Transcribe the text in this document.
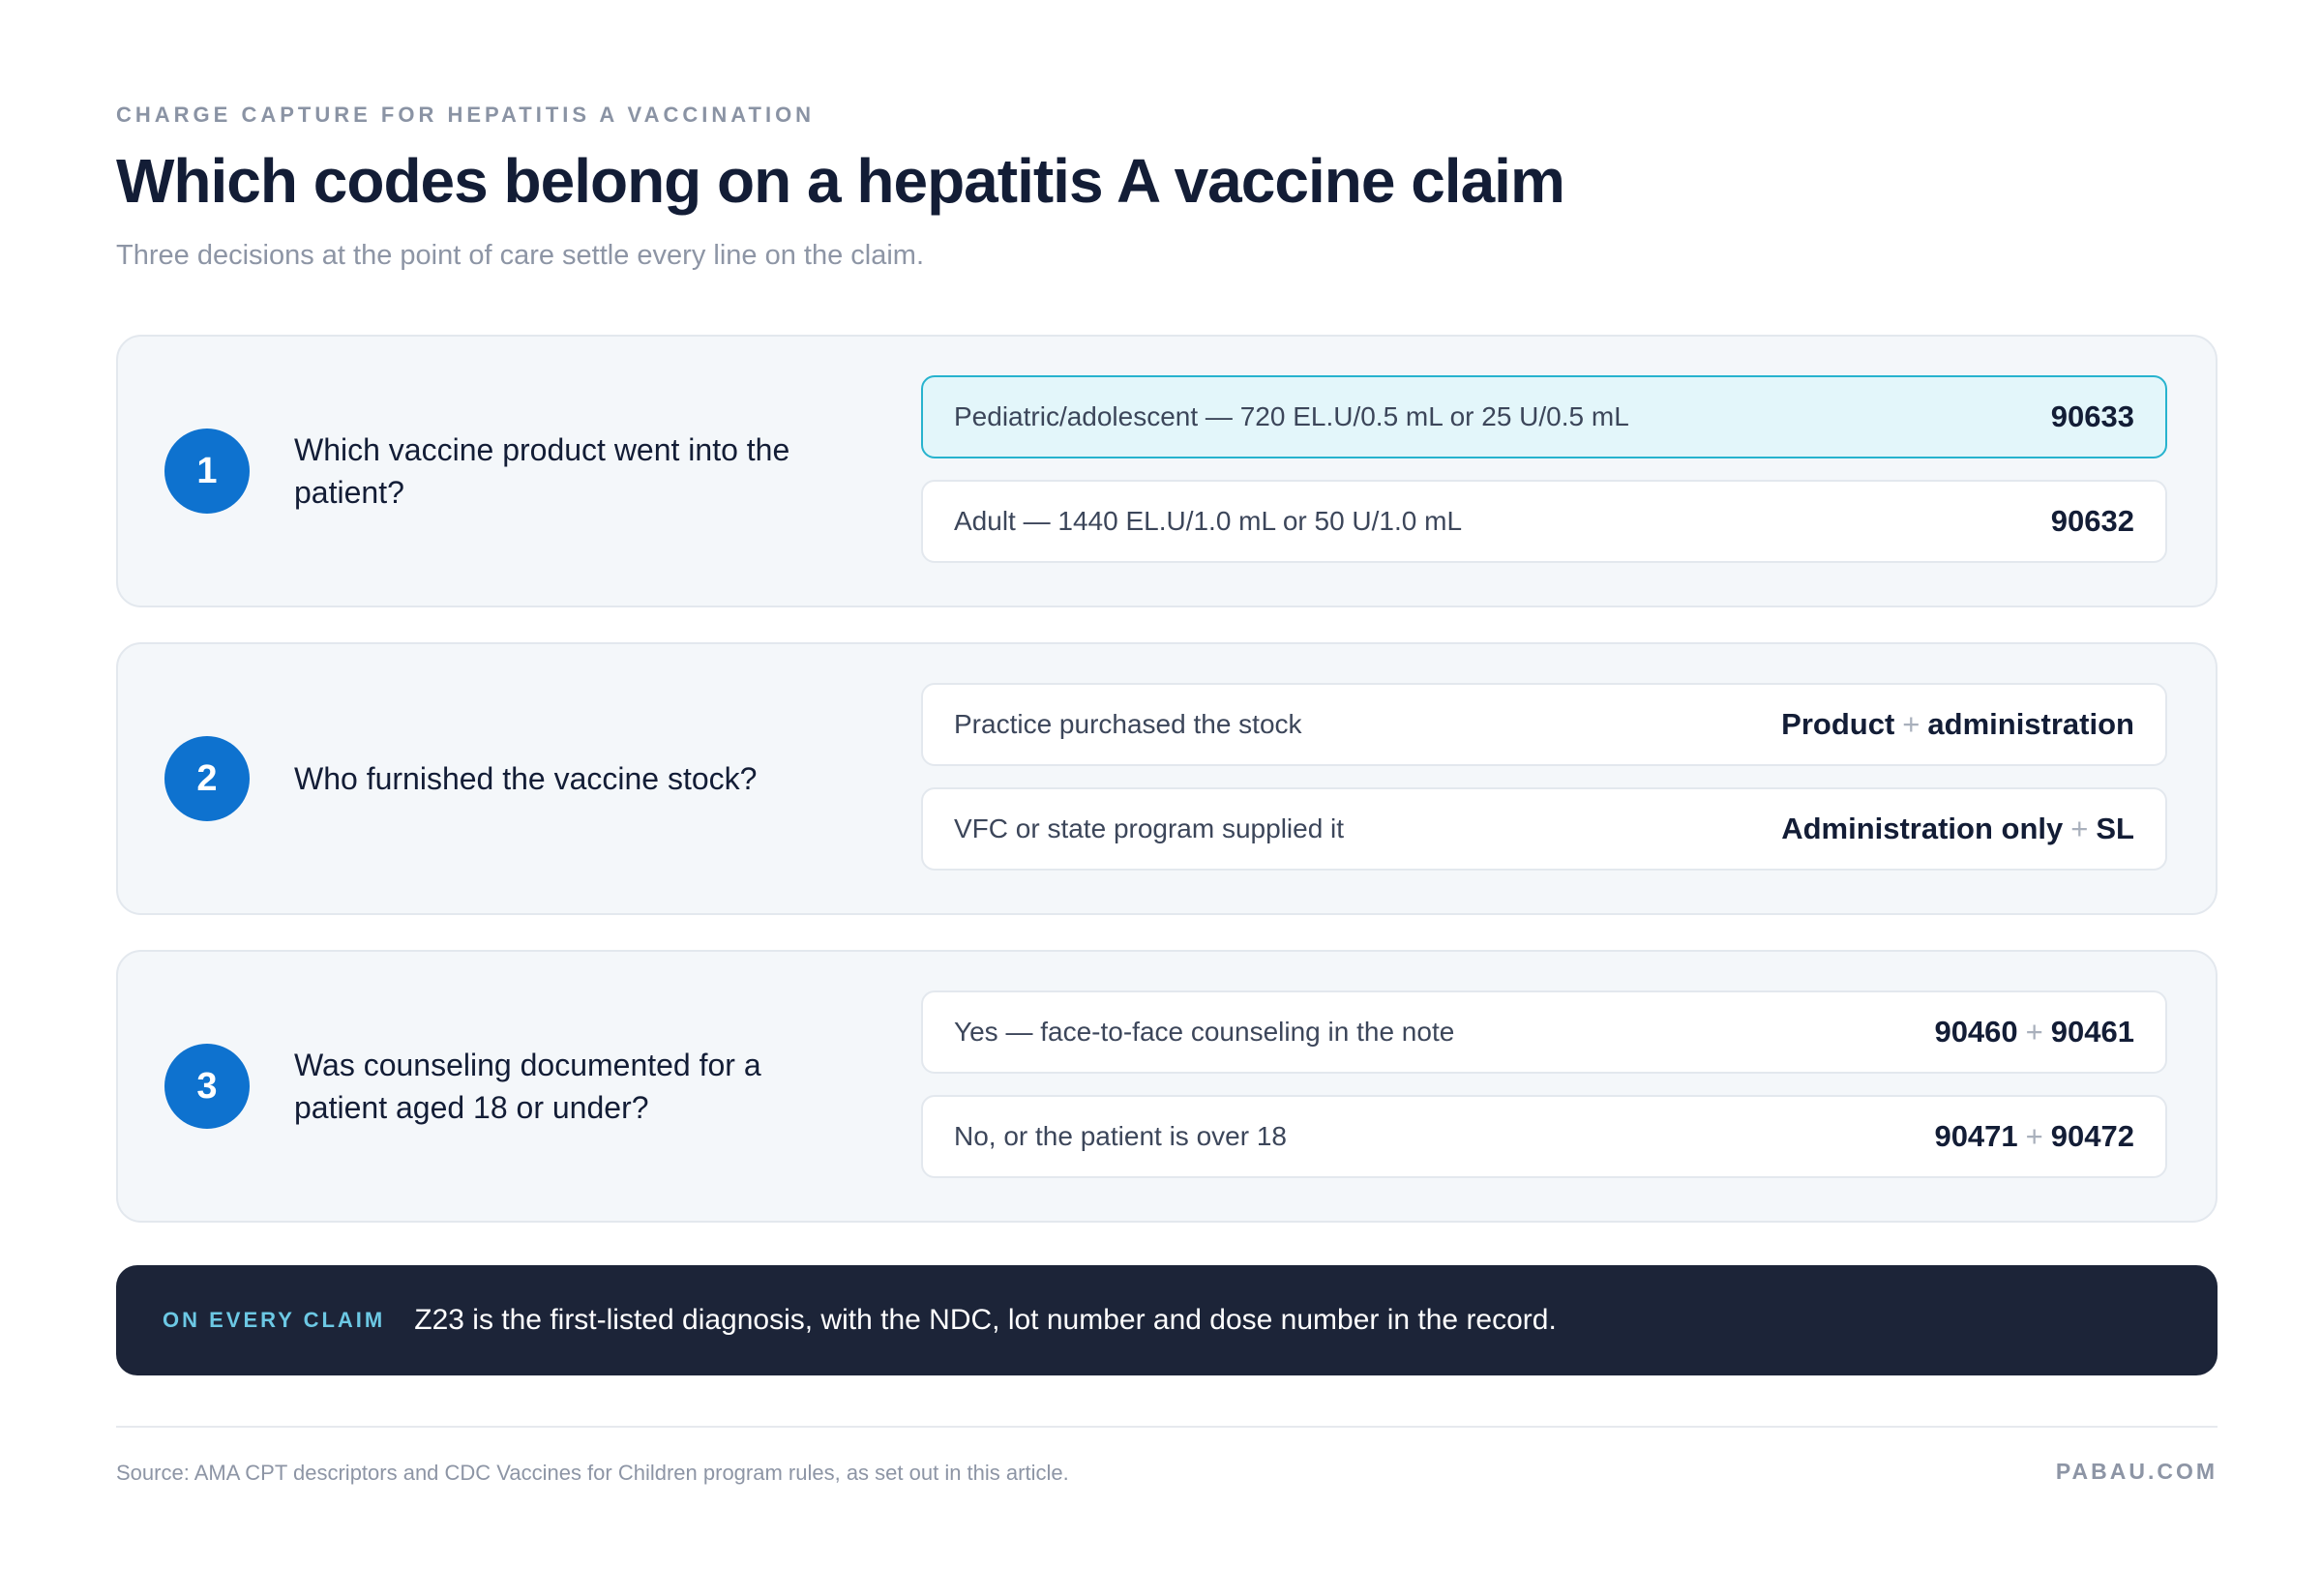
CHARGE CAPTURE FOR HEPATITIS A VACCINATION
Which codes belong on a hepatitis A vaccine claim
Three decisions at the point of care settle every line on the claim.
1
Which vaccine product went into the patient?
Pediatric/adolescent — 720 EL.U/0.5 mL or 25 U/0.5 mL	90633
Adult — 1440 EL.U/1.0 mL or 50 U/1.0 mL	90632
2	Who furnished the vaccine stock?
Practice purchased the stock	Product + administration
VFC or state program supplied it	Administration only + SL
3
Was counseling documented for a patient aged 18 or under?
Yes — face-to-face counseling in the note	90460 + 90461
No, or the patient is over 18	90471 + 90472
ON EVERY CLAIM Z23 is the first-listed diagnosis, with the NDC, lot number and dose number in the record.
Source: AMA CPT descriptors and CDC Vaccines for Children program rules, as set out in this article.	PABAU.COM
